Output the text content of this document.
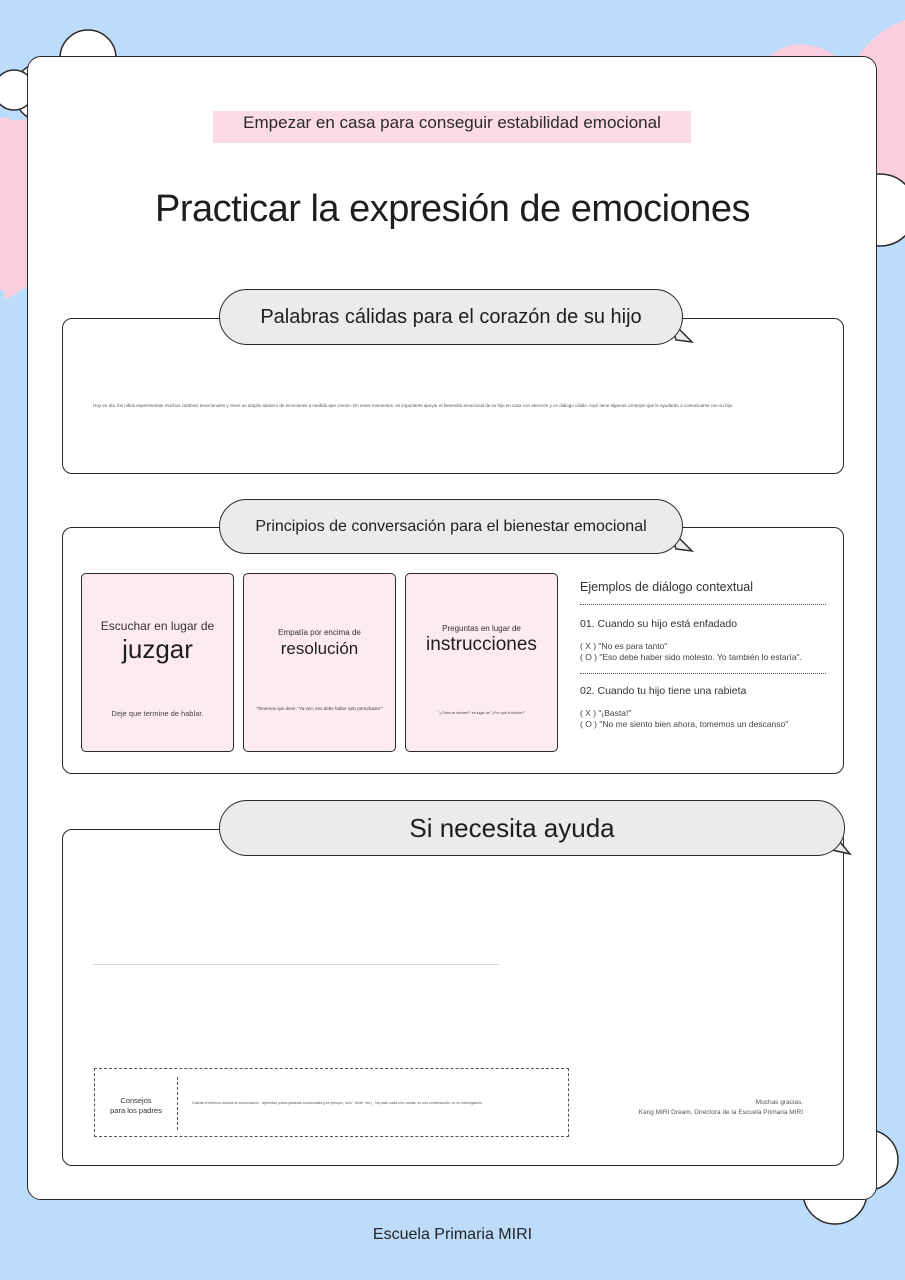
Empezar en casa para conseguir estabilidad emocional
Practicar la expresión de emociones
Palabras cálidas para el corazón de su hijo
Hoy en día, los niños experimentan muchos cambios emocionales y viven un amplio abanico de emociones a medida que crecen. En estos momentos, es importante apoyar el bienestar emocional de su hijo en casa con atención y un diálogo cálido. Aquí tiene algunos consejos que le ayudarán a comunicarse con su hijo.
Principios de conversación para el bienestar emocional
Escuchar en lugar de
juzgar
Deje que termine de hablar.
Empatía por encima de
resolución
"Tenemos que decir: 'Ya veo, eso debe haber sido perturbador'"
Preguntas en lugar de
instrucciones
"¿Cómo te sientes?" en lugar de "¿Por qué lo hiciste?"
Ejemplos de diálogo contextual
01. Cuando su hijo está enfadado
( X ) "No es para tanto"
( O ) "Eso debe haber sido molesto. Yo también lo estaría".
02. Cuando tu hijo tiene una rabieta
( X ) "¡Basta!"
( O ) "No me siento bien ahora, tomemos un descanso"
Si necesita ayuda
Consejos
para los padres
Guarde el teléfono durante la conversación · Aprendan juntos palabras emocionales (por ejemplo, 'solo', 'triste', etc.) · No pase nada si le cuesta; es una conversación, no un interrogatorio.	Muchas gracias.
Kang MIRI Dream, Directora de la Escuela Primaria MIRI
Escuela Primaria MIRI
